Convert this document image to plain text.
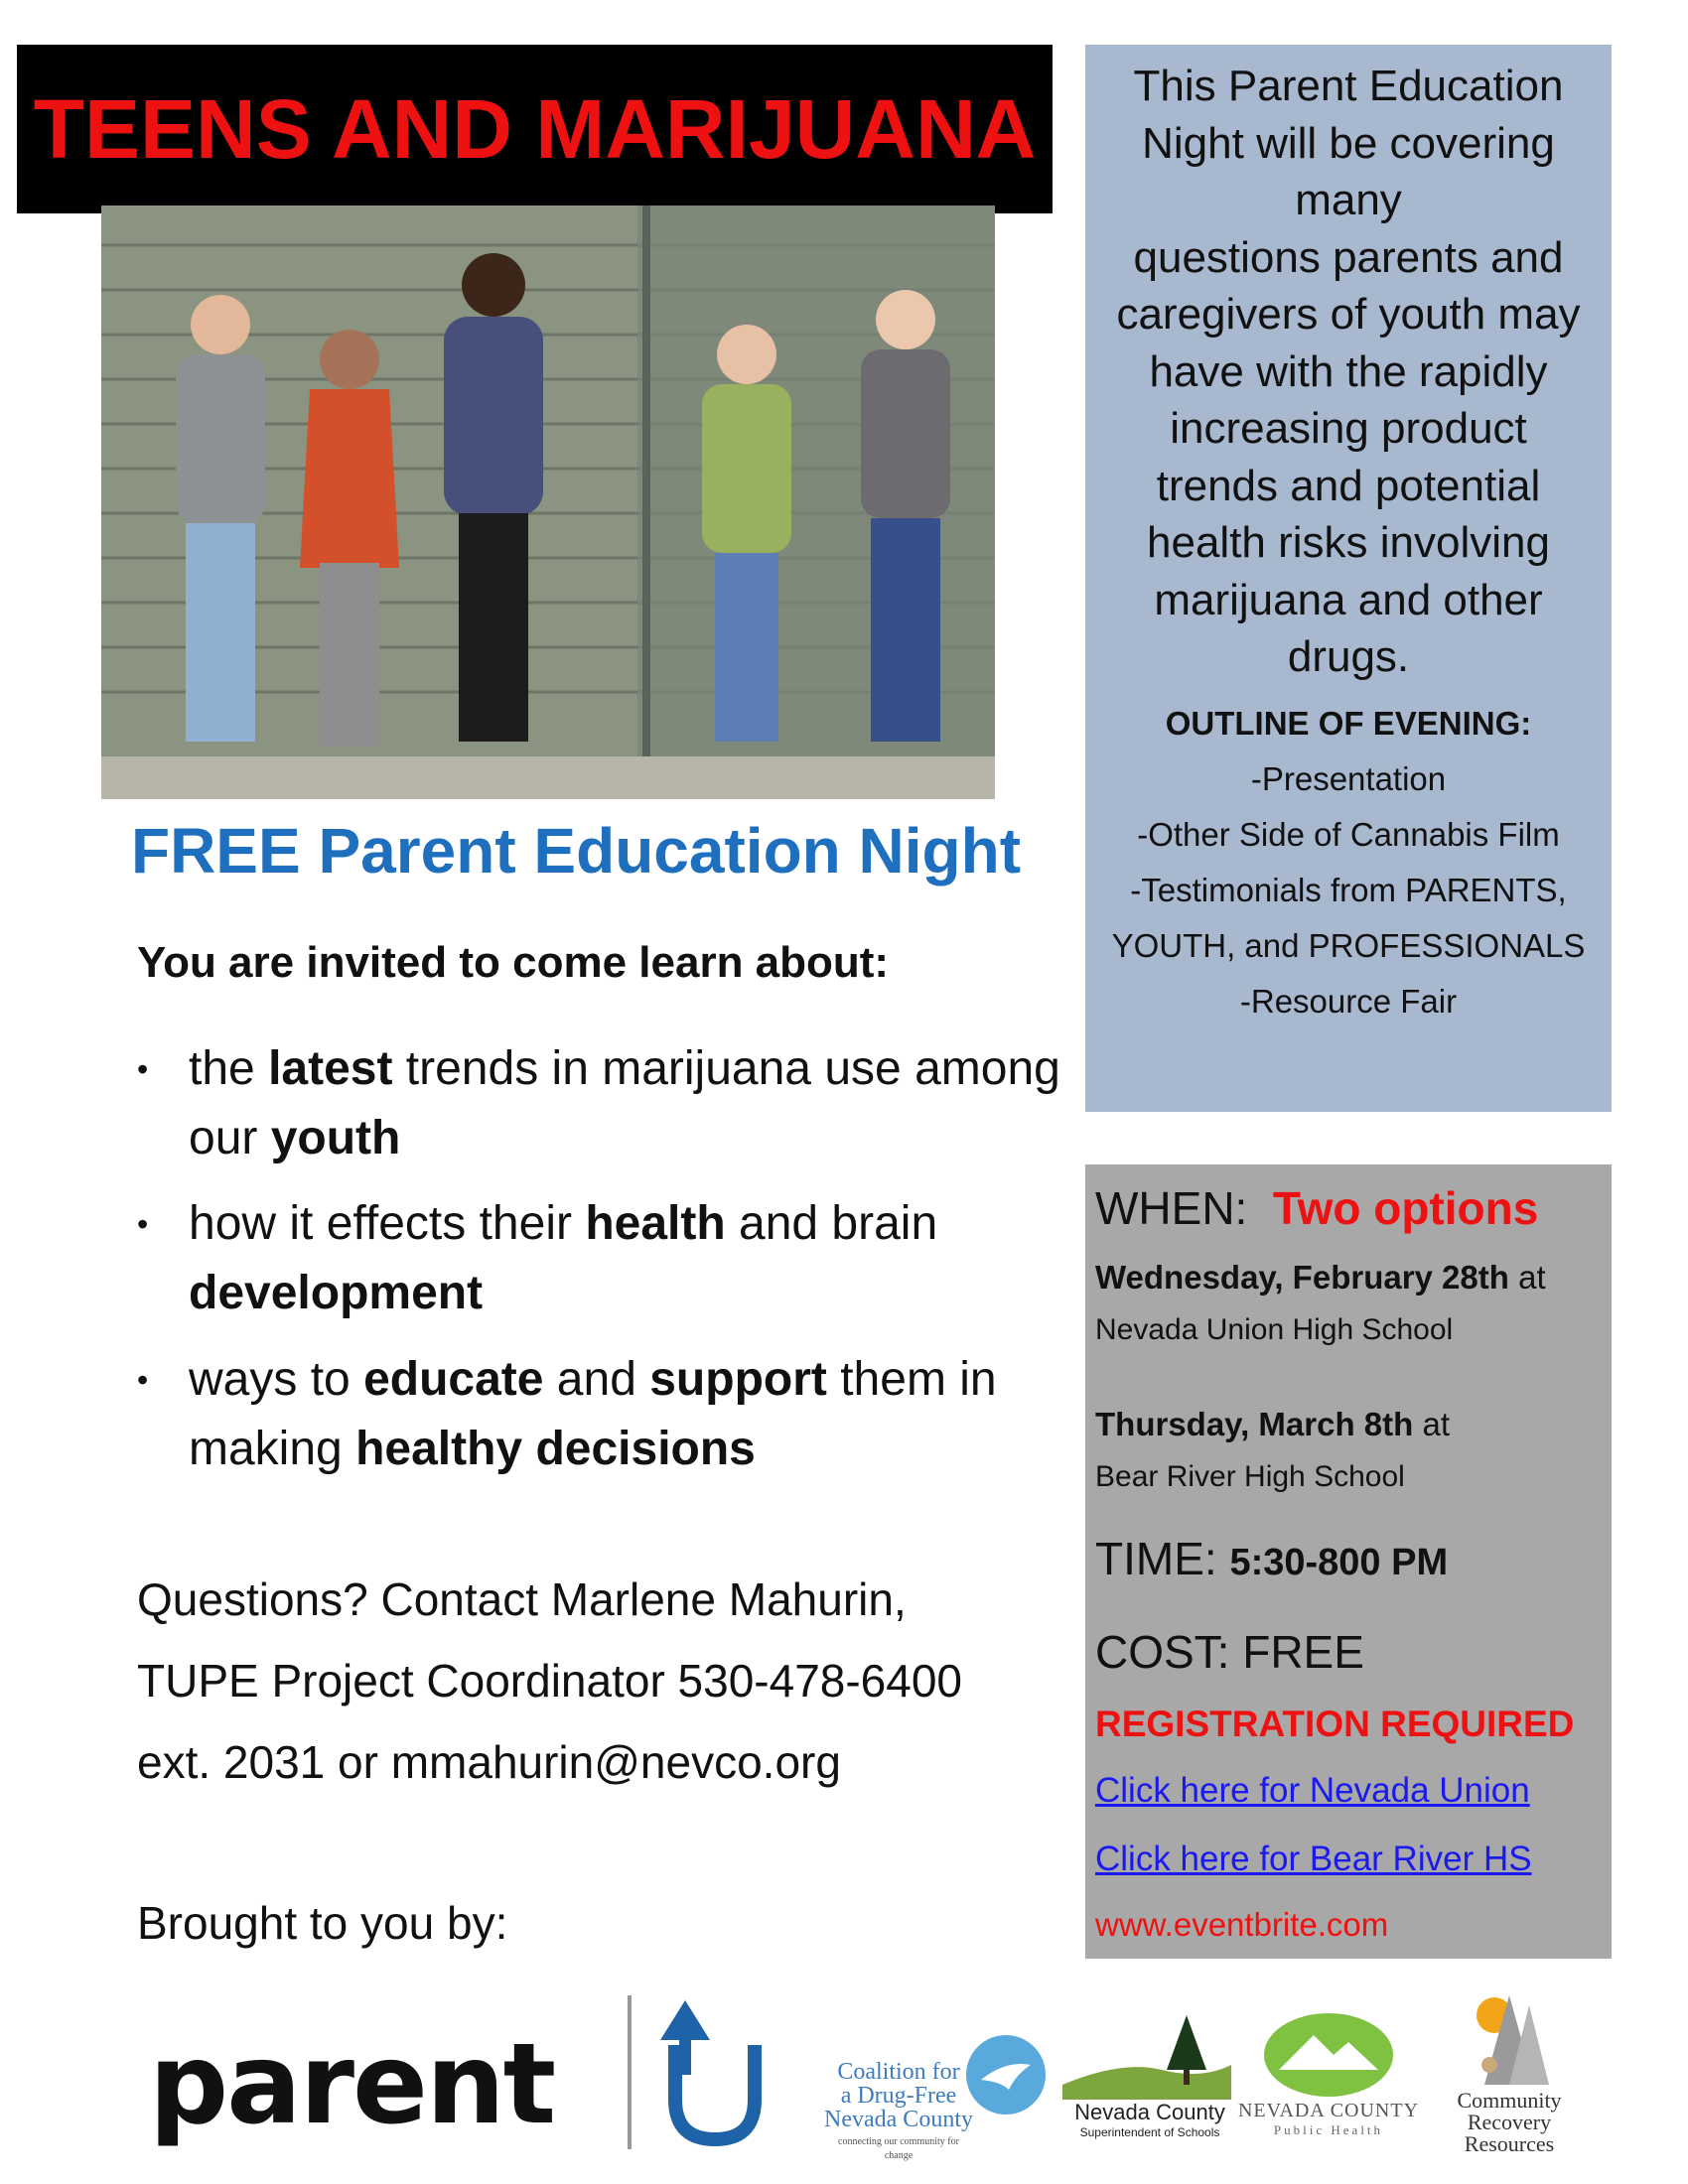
TEENS AND MARIJUANA
FREE Parent Education Night
You are invited to come learn about:
• the latest trends in marijuana use among our youth
• how it effects their health and brain development
• ways to educate and support them in making healthy decisions
Questions? Contact Marlene Mahurin,
TUPE Project Coordinator 530-478-6400
ext. 2031 or mmahurin@nevco.org
Brought to you by:
This Parent Education
Night will be covering
many
questions parents and
caregivers of youth may
have with the rapidly
increasing product
trends and potential
health risks involving
marijuana and other
drugs.
OUTLINE OF EVENING:
-Presentation
-Other Side of Cannabis Film
-Testimonials from PARENTS,
YOUTH, and PROFESSIONALS
-Resource Fair
WHEN: Two options
Wednesday, February 28th at
Nevada Union High School
Thursday, March 8th at
Bear River High School
TIME: 5:30-800 PM
COST: FREE
REGISTRATION REQUIRED
Click here for Nevada Union
Click here for Bear River HS
www.eventbrite.com
parent	Coalition for
a Drug-Free
Nevada County
connecting our community for change
Nevada County
Superintendent of Schools
NEVADA COUNTY
Public Health
Community
Recovery
Resources
